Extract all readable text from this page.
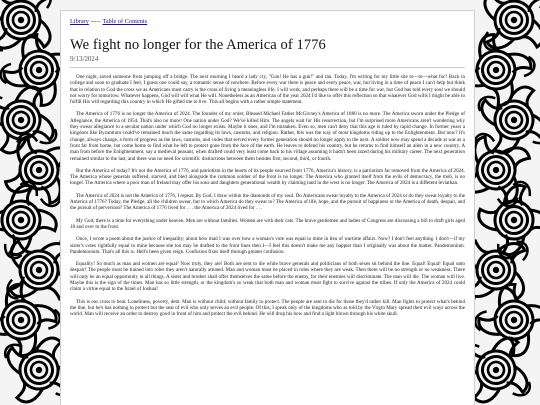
Library ----- Table of Contents
We fight no longer for the America of 1776
9/13/2024

One night, saved someone from jumping off a bridge. The next morning I heard a lady cry, "Gun! He has a gun!" and ran. Today, I'm writing for my little site to—to—what for? Back in college and soon to graduate I feel, I guess one could say, a romantic sense of nowhere. Before every war there is peace and every peace, war, but living in a time of peace I can't help but think that in relation to God the cross we as Americans must carry is the cross of living a meaningless life. I will work, and perhaps there will be a time for war, but God has told every soul we should not worry for tomorrow. Whatever happens, God will will what He will. Nonetheless as an American of the year 2024 I'd like to offer this reflection so that whatever God wills I might be able to fulfill His will regarding this country in which He gifted me to live. This all begins with a rather simple statement.

The America of 1776 is no longer the America of 2024. The founder of my order, Blessed Michael Father McGivney's America of 1880 is no more. The America sworn under the Pledge of Allegiance, the America of 1954. That's also no more! One nation under God? We've killed Him. The angels wait for His resurrection, but I'm surprised more Americans aren't wondering why they swear allegiance to a secular nation under which God no longer exists. Maybe it does, and I'm mistaken. Even so, men can't deny that this age is ruled by rapid change. In former years a kingdom like Byzantium could've remained much the same regarding its laws, customs, and religion. Rather, this was the way of most kingdoms riding up to the Enlightenment. But now? It's change, always change, a form of progress as the laws, customs, and codes that served every former generation should no longer apply to the next. A soldier now may spend a decade at war as a front far from home, but come home to find what he left to protect gone from the face of the earth. He leaves to defend his country, but he returns to find himself an alien in a new country. A man from before the Enlightenment, say a medieval peasant, when drafted could very least come back to his village assuming it hadn't been razed during his military career. The next generation remained similar to the last, and there was no need for scientific distinctions between them besides first, second, third, or fourth.

But the America of today? It's not the America of 1776, and patriotism in the hearts of its people sourced from 1776, America's history, is a patriotism far removed from the America of 2024. The America whose generals suffered, starved, and bled alongside the common soldier of the front is no longer. The America who granted itself from the evils of democracy, the mob, is no longer. The America where a poor man of Ireland may offer his sons and daughters generational wealth by claiming land in the west is no longer. The America of 2024 is a different leviathan.

The America of 2024 is not the America of 1776, I repeat. By God, I draw within the diamonds of my soul. Do Americans swear loyalty to the America of 2024 or do they swear loyalty to the America of 1776? Today, the Pledge, all the children swear, but to which America do they swear to? The America of life, hope, and the pursuit of happiness or the America of death, despair, and the pursuit of perversion? The America of 1776 lived for . . . the America of 2024 lived for . . .

My God, there is a time for everything under heaven. Men are without families. Women are with their cats. The brave gentlemen and ladies of Congress are discussing a bill to draft girls aged 18 and over to the front.

Once, I wrote a poem about the justice of inequality; about how mad I was over how a woman's vote was equal to mine in lieu of wartime affairs. Now? I don't feel anything. I don't—if my sister's votes rightfully equal to mine because she too may be drafted to the front lines then I—I feel this doesn't make me any happier than I originally was about the matter. Pandemonium. Pandemonium. That's all this is. Hell's been given reign. Confusion fixes itself through greater confusion.

Equality! So much as man and women are equal! Now truly, they are! Both are sent to die while brave generals and politicians of both sexes sit behind the line. Equal! Equal! Equal unto despair! The people must be trained into roles they aren't naturally attuned. Man and woman must be placed in roles where they are weak. Then there will be no strength or no weakness. There will only be an equal opportunity in all things. A sister and brother shall offer themselves the same before the enemy, for their enemies will discriminate. The man will die. The woman will live. Maybe this is the sign of the times. Man has so little strength, or the kingdom's so weak that both man and woman must fight to survive against the tribes. If only the America of 2024 could claim a virtue equal to the Israel of Joshua!

This is our cross to bear. Loneliness, poverty, debt. Man is without child; without family to protect. The people are sent to die for those they'd rather kill. Man fights to protect what's behind the line, but he's has nothing to protect but the seat of evil who only serves an evil people. Of this, I speak only of the kingdoms who as told by the Virgin Mary spread their evil ways across the world. Man will receive an order to destroy good in front of him and protect the evil behind. He will drop his bow and find a light blown through his white skull.
